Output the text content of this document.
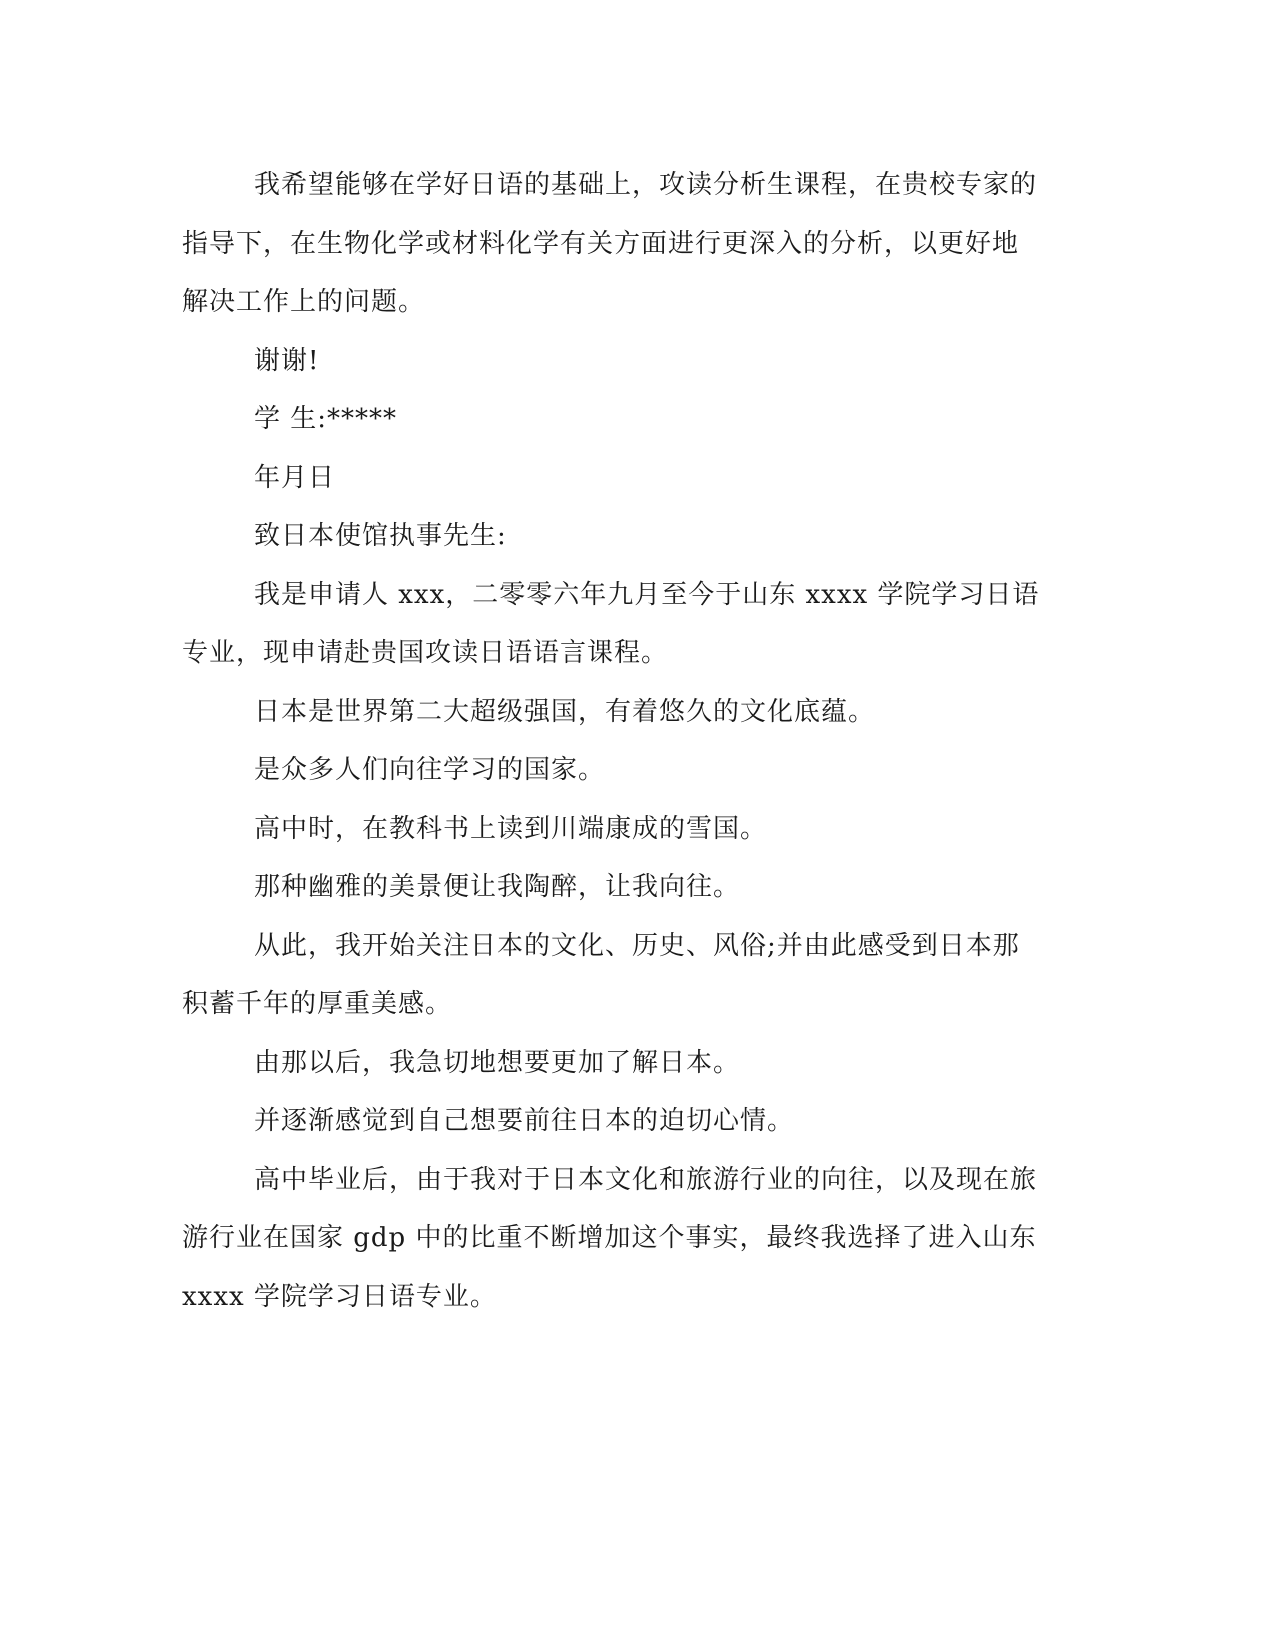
我希望能够在学好日语的基础上，攻读分析生课程，在贵校专家的指导下，在生物化学或材料化学有关方面进行更深入的分析，以更好地解决工作上的问题。

谢谢!

学 生:*****

年月日

致日本使馆执事先生:

我是申请人 xxx，二零零六年九月至今于山东 xxxx 学院学习日语专业，现申请赴贵国攻读日语语言课程。

日本是世界第二大超级强国，有着悠久的文化底蕴。

是众多人们向往学习的国家。

高中时，在教科书上读到川端康成的雪国。

那种幽雅的美景便让我陶醉，让我向往。

从此，我开始关注日本的文化、历史、风俗;并由此感受到日本那积蓄千年的厚重美感。

由那以后，我急切地想要更加了解日本。

并逐渐感觉到自己想要前往日本的迫切心情。

高中毕业后，由于我对于日本文化和旅游行业的向往，以及现在旅游行业在国家 gdp 中的比重不断增加这个事实，最终我选择了进入山东 xxxx 学院学习日语专业。
